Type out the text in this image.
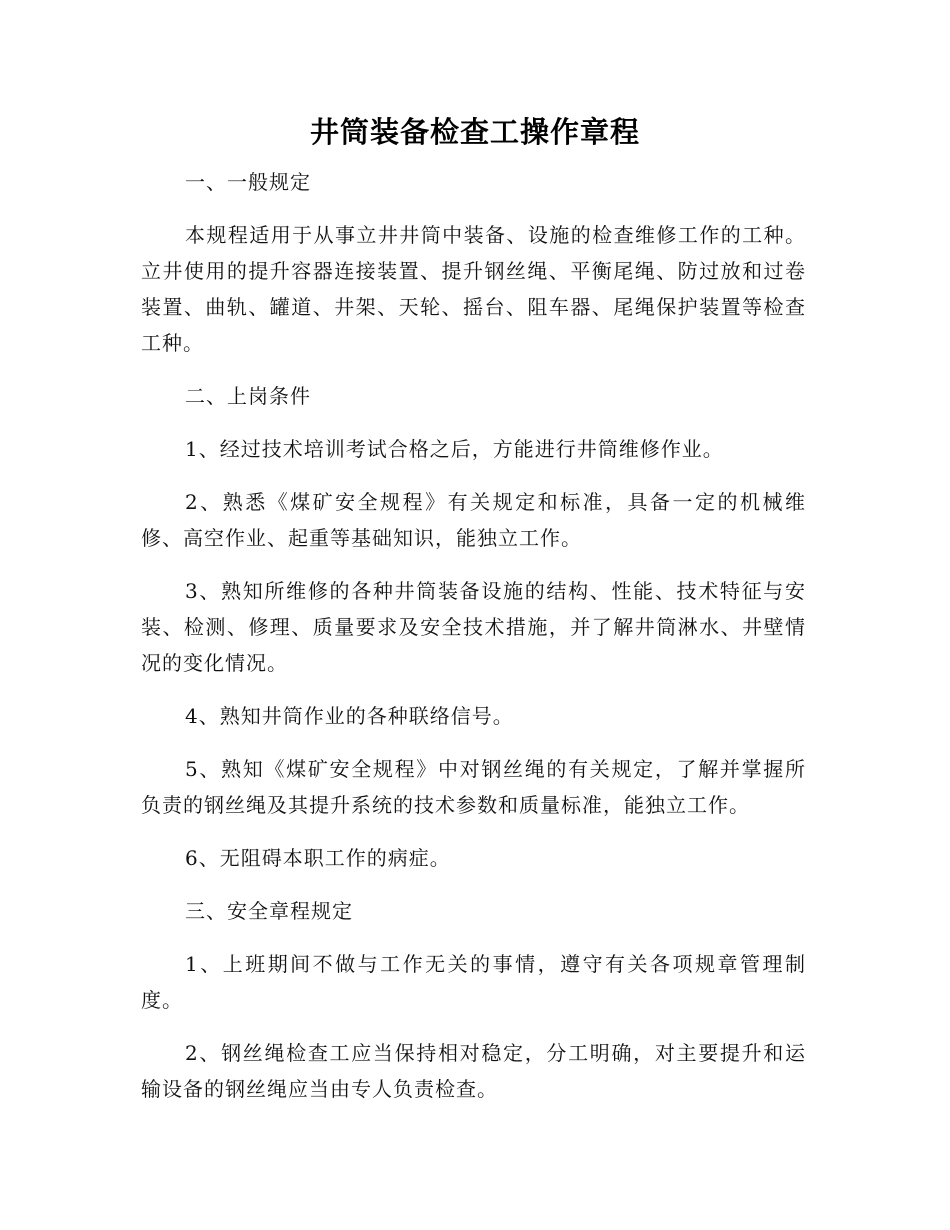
井筒装备检查工操作章程

一、一般规定

本规程适用于从事立井井筒中装备、设施的检查维修工作的工种。立井使用的提升容器连接装置、提升钢丝绳、平衡尾绳、防过放和过卷装置、曲轨、罐道、井架、天轮、摇台、阻车器、尾绳保护装置等检查工种。

二、上岗条件

1、经过技术培训考试合格之后，方能进行井筒维修作业。

2、熟悉《煤矿安全规程》有关规定和标准，具备一定的机械维修、高空作业、起重等基础知识，能独立工作。

3、熟知所维修的各种井筒装备设施的结构、性能、技术特征与安装、检测、修理、质量要求及安全技术措施，并了解井筒淋水、井壁情况的变化情况。

4、熟知井筒作业的各种联络信号。

5、熟知《煤矿安全规程》中对钢丝绳的有关规定，了解并掌握所负责的钢丝绳及其提升系统的技术参数和质量标准，能独立工作。

6、无阻碍本职工作的病症。

三、安全章程规定

1、上班期间不做与工作无关的事情，遵守有关各项规章管理制度。

2、钢丝绳检查工应当保持相对稳定，分工明确，对主要提升和运输设备的钢丝绳应当由专人负责检查。
